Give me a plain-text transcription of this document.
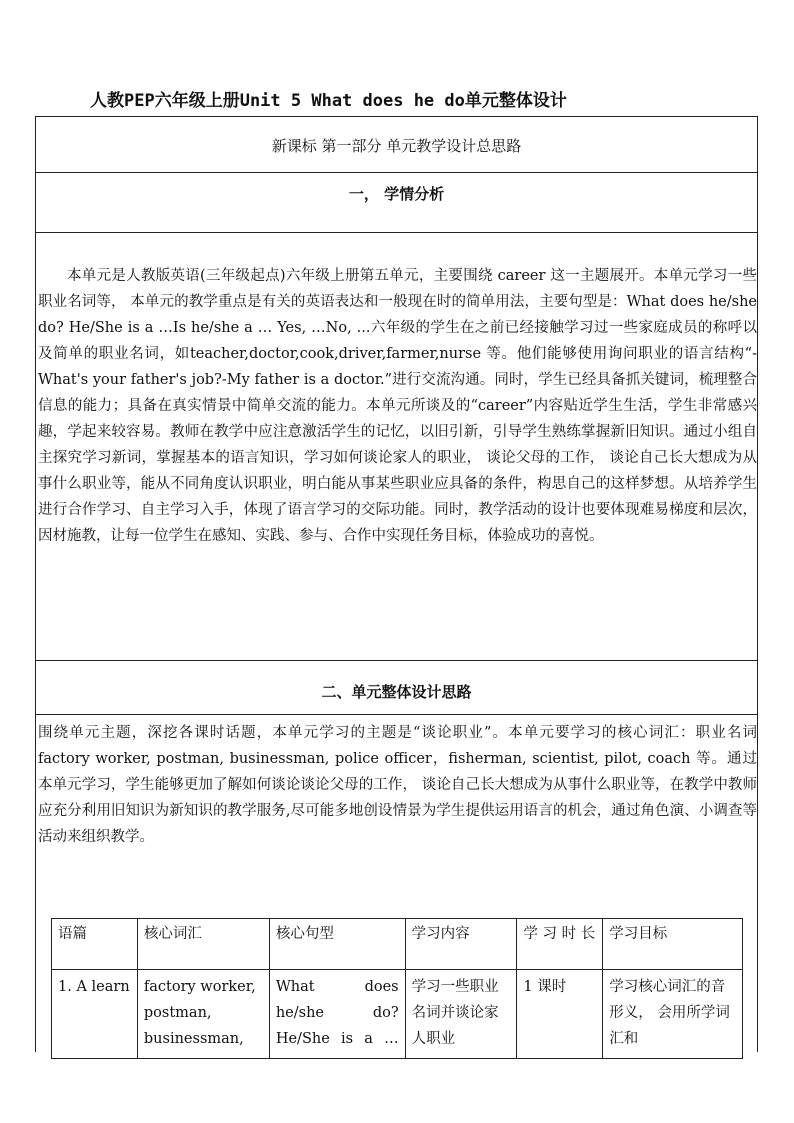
人教PEP六年级上册Unit 5 What does he do单元整体设计
新课标 第一部分 单元教学设计总思路
一， 学情分析

本单元是人教版英语(三年级起点)六年级上册第五单元，主要围绕 career 这一主题展开。本单元学习一些职业名词等， 本单元的教学重点是有关的英语表达和一般现在时的简单用法，主要句型是：What does he/she do? He/She is a …Is he/she a … Yes, …No, ...六年级的学生在之前已经接触学习过一些家庭成员的称呼以及简单的职业名词，如teacher,doctor,cook,driver,farmer,nurse 等。他们能够使用询问职业的语言结构“-What's your father's job?-My father is a doctor.”进行交流沟通。同时，学生已经具备抓关键词，梳理整合信息的能力；具备在真实情景中简单交流的能力。本单元所谈及的“career”内容贴近学生生活，学生非常感兴趣，学起来较容易。教师在教学中应注意激活学生的记忆，以旧引新，引导学生熟练掌握新旧知识。通过小组自主探究学习新词，掌握基本的语言知识，学习如何谈论家人的职业， 谈论父母的工作， 谈论自己长大想成为从事什么职业等，能从不同角度认识职业，明白能从事某些职业应具备的条件，构思自己的这样梦想。从培养学生进行合作学习、自主学习入手，体现了语言学习的交际功能。同时，教学活动的设计也要体现难易梯度和层次，因材施教，让每一位学生在感知、实践、参与、合作中实现任务目标，体验成功的喜悦。

二、单元整体设计思路

围绕单元主题，深挖各课时话题，本单元学习的主题是“谈论职业”。本单元要学习的核心词汇：职业名词 factory worker, postman, businessman, police officer，fisherman, scientist, pilot, coach 等。通过本单元学习，学生能够更加了解如何谈论谈论父母的工作， 谈论自己长大想成为从事什么职业等，在教学中教师应充分利用旧知识为新知识的教学服务,尽可能多地创设情景为学生提供运用语言的机会，通过角色演、小调查等活动来组织教学。

语篇	核心词汇	核心句型	学习内容	学 习 时 长	学习目标

1. A learn	factory worker, postman, businessman,	What does he/she do? He/She is a …	学习一些职业名词并谈论家人职业	1 课时	学习核心词汇的音形义， 会用所学词汇和
